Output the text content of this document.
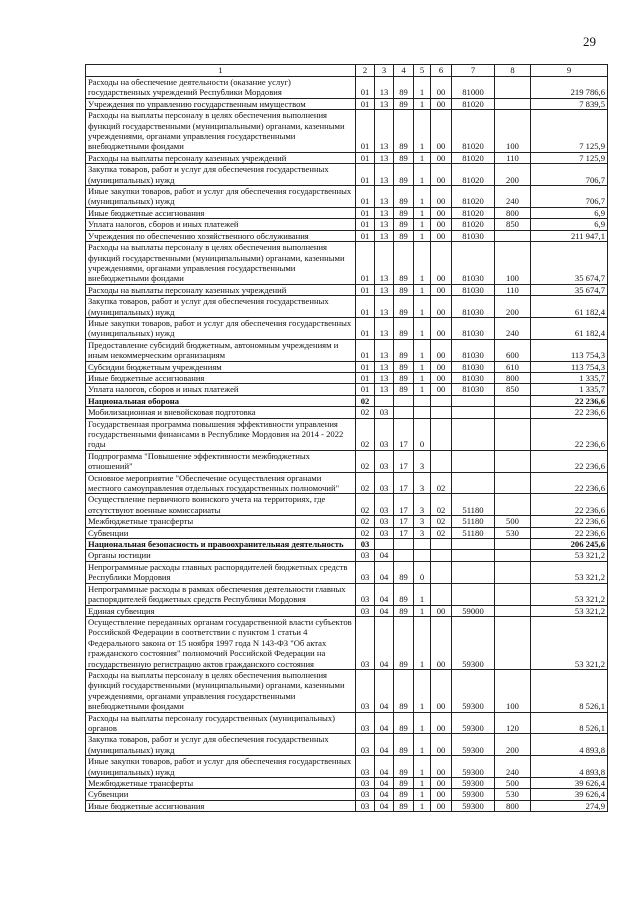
29
1	2	3	4	5	6	7	8	9
Расходы на обеспечение деятельности (оказание услуг) государственных учреждений Республики Мордовия	01	13	89	1	00	81000		219 786,6
Учреждения по управлению государственным имуществом	01	13	89	1	00	81020		7 839,5
Расходы на выплаты персоналу в целях обеспечения выполнения функций государственными (муниципальными) органами, казенными учреждениями, органами управления государственными внебюджетными фондами	01	13	89	1	00	81020	100	7 125,9
Расходы на выплаты персоналу казенных учреждений	01	13	89	1	00	81020	110	7 125,9
Закупка товаров, работ и услуг для обеспечения государственных (муниципальных) нужд	01	13	89	1	00	81020	200	706,7
Иные закупки товаров, работ и услуг для обеспечения государственных (муниципальных) нужд	01	13	89	1	00	81020	240	706,7
Иные бюджетные ассигнования	01	13	89	1	00	81020	800	6,9
Уплата налогов, сборов и иных платежей	01	13	89	1	00	81020	850	6,9
Учреждения по обеспечению хозяйственного обслуживания	01	13	89	1	00	81030		211 947,1
Расходы на выплаты персоналу в целях обеспечения выполнения функций государственными (муниципальными) органами, казенными учреждениями, органами управления государственными внебюджетными фондами	01	13	89	1	00	81030	100	35 674,7
Расходы на выплаты персоналу казенных учреждений	01	13	89	1	00	81030	110	35 674,7
Закупка товаров, работ и услуг для обеспечения государственных (муниципальных) нужд	01	13	89	1	00	81030	200	61 182,4
Иные закупки товаров, работ и услуг для обеспечения государственных (муниципальных) нужд	01	13	89	1	00	81030	240	61 182,4
Предоставление субсидий бюджетным, автономным учреждениям и иным некоммерческим организациям	01	13	89	1	00	81030	600	113 754,3
Субсидии бюджетным учреждениям	01	13	89	1	00	81030	610	113 754,3
Иные бюджетные ассигнования	01	13	89	1	00	81030	800	1 335,7
Уплата налогов, сборов и иных платежей	01	13	89	1	00	81030	850	1 335,7
Национальная оборона	02							22 236,6
Мобилизационная и вневойсковая подготовка	02	03						22 236,6
Государственная программа повышения эффективности управления государственными финансами в Республике Мордовия на 2014 - 2022 годы	02	03	17	0				22 236,6
Подпрограмма "Повышение эффективности межбюджетных отношений"	02	03	17	3				22 236,6
Основное мероприятие "Обеспечение осуществления органами местного самоуправления отдельных государственных полномочий"	02	03	17	3	02			22 236,6
Осуществление первичного воинского учета на территориях, где отсутствуют военные комиссариаты	02	03	17	3	02	51180		22 236,6
Межбюджетные трансферты	02	03	17	3	02	51180	500	22 236,6
Субвенции	02	03	17	3	02	51180	530	22 236,6
Национальная безопасность и правоохранительная деятельность	03							206 245,6
Органы юстиции	03	04						53 321,2
Непрограммные расходы главных распорядителей бюджетных средств Республики Мордовия	03	04	89	0				53 321,2
Непрограммные расходы в рамках обеспечения деятельности главных распорядителей бюджетных средств Республики Мордовия	03	04	89	1				53 321,2
Единая субвенция	03	04	89	1	00	59000		53 321,2
Осуществление переданных органам государственной власти субъектов Российской Федерации в соответствии с пунктом 1 статьи 4 Федерального закона от 15 ноября 1997 года N 143-ФЗ "Об актах гражданского состояния" полномочий Российской Федерации на государственную регистрацию актов гражданского состояния	03	04	89	1	00	59300		53 321,2
Расходы на выплаты персоналу в целях обеспечения выполнения функций государственными (муниципальными) органами, казенными учреждениями, органами управления государственными внебюджетными фондами	03	04	89	1	00	59300	100	8 526,1
Расходы на выплаты персоналу государственных (муниципальных) органов	03	04	89	1	00	59300	120	8 526,1
Закупка товаров, работ и услуг для обеспечения государственных (муниципальных) нужд	03	04	89	1	00	59300	200	4 893,8
Иные закупки товаров, работ и услуг для обеспечения государственных (муниципальных) нужд	03	04	89	1	00	59300	240	4 893,8
Межбюджетные трансферты	03	04	89	1	00	59300	500	39 626,4
Субвенции	03	04	89	1	00	59300	530	39 626,4
Иные бюджетные ассигнования	03	04	89	1	00	59300	800	274,9
